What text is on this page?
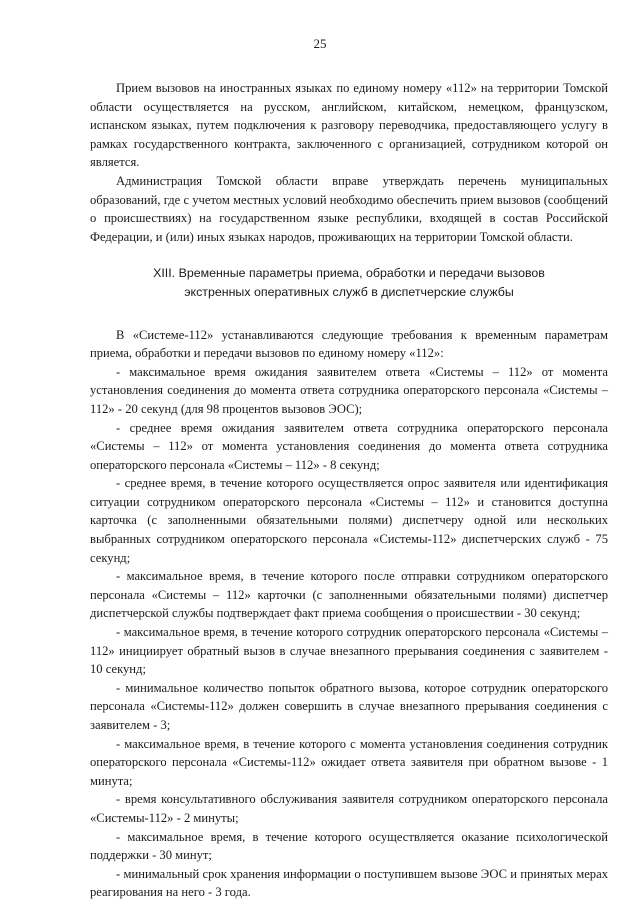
25

Прием вызовов на иностранных языках по единому номеру «112» на территории Томской области осуществляется на русском, английском, китайском, немецком, французском, испанском языках, путем подключения к разговору переводчика, предоставляющего услугу в рамках государственного контракта, заключенного с организацией, сотрудником которой он является.

Администрация Томской области вправе утверждать перечень муниципальных образований, где с учетом местных условий необходимо обеспечить прием вызовов (сообщений о происшествиях) на государственном языке республики, входящей в состав Российской Федерации, и (или) иных языках народов, проживающих на территории Томской области.

XIII. Временные параметры приема, обработки и передачи вызовов
экстренных оперативных служб в диспетчерские службы

В «Системе-112» устанавливаются следующие требования к временным параметрам приема, обработки и передачи вызовов по единому номеру «112»:

- максимальное время ожидания заявителем ответа «Системы – 112» от момента установления соединения до момента ответа сотрудника операторского персонала «Системы – 112» - 20 секунд (для 98 процентов вызовов ЭОС);

- среднее время ожидания заявителем ответа сотрудника операторского персонала «Системы – 112» от момента установления соединения до момента ответа сотрудника операторского персонала «Системы – 112» - 8 секунд;

- среднее время, в течение которого осуществляется опрос заявителя или идентификация ситуации сотрудником операторского персонала «Системы – 112» и становится доступна карточка (с заполненными обязательными полями) диспетчеру одной или нескольких выбранных сотрудником операторского персонала «Системы-112» диспетчерских служб - 75 секунд;

- максимальное время, в течение которого после отправки сотрудником операторского персонала «Системы – 112» карточки (с заполненными обязательными полями) диспетчер диспетчерской службы подтверждает факт приема сообщения о происшествии - 30 секунд;

- максимальное время, в течение которого сотрудник операторского персонала «Системы – 112» инициирует обратный вызов в случае внезапного прерывания соединения с заявителем - 10 секунд;

- минимальное количество попыток обратного вызова, которое сотрудник операторского персонала «Системы-112» должен совершить в случае внезапного прерывания соединения с заявителем - 3;

- максимальное время, в течение которого с момента установления соединения сотрудник операторского персонала «Системы-112» ожидает ответа заявителя при обратном вызове - 1 минута;

- время консультативного обслуживания заявителя сотрудником операторского персонала «Системы-112» - 2 минуты;

- максимальное время, в течение которого осуществляется оказание психологической поддержки - 30 минут;

- минимальный срок хранения информации о поступившем вызове ЭОС и принятых мерах реагирования на него - 3 года.
